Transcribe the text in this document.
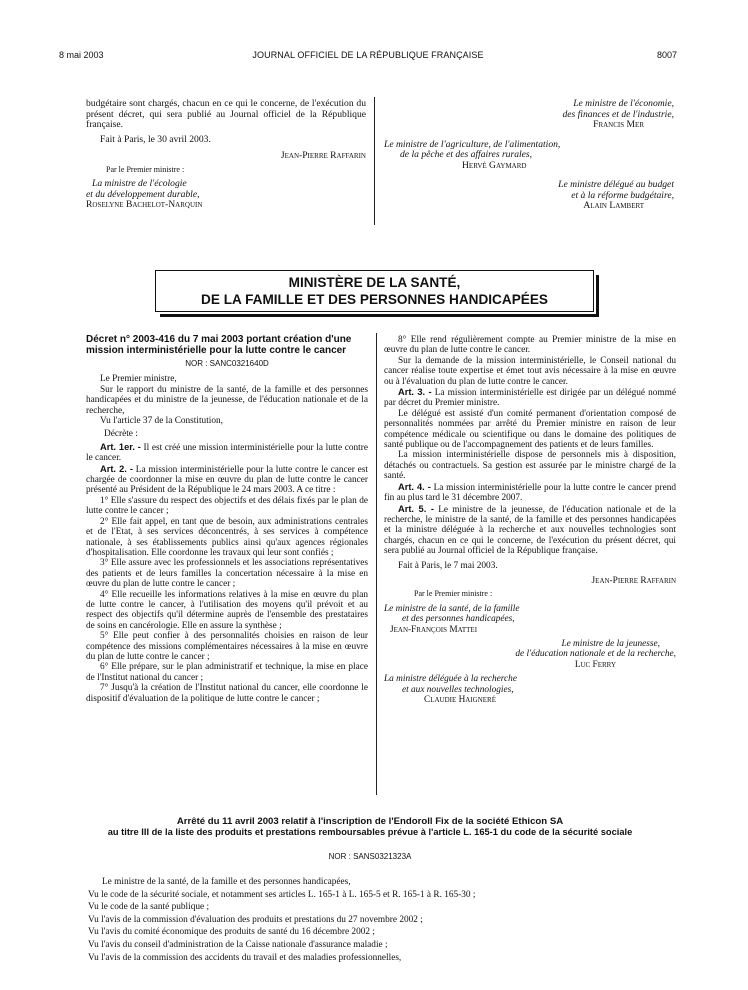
8 mai 2003	JOURNAL OFFICIEL DE LA RÉPUBLIQUE FRANÇAISE	8007

budgétaire sont chargés, chacun en ce qui le concerne, de l'exécution du présent décret, qui sera publié au Journal officiel de la République française.

Fait à Paris, le 30 avril 2003.

Jean-Pierre Raffarin

Par le Premier ministre :

La ministre de l'écologie

et du développement durable,

Roselyne Bachelot-Narquin

Le ministre de l'économie,

des finances et de l'industrie,

Francis Mer

Le ministre de l'agriculture, de l'alimentation,

de la pêche et des affaires rurales,

Hervé Gaymard

Le ministre délégué au budget

et à la réforme budgétaire,

Alain Lambert

MINISTÈRE DE LA SANTÉ,
DE LA FAMILLE ET DES PERSONNES HANDICAPÉES

Décret n° 2003-416 du 7 mai 2003 portant création d'une mission interministérielle pour la lutte contre le cancer

NOR : SANC0321640D

Le Premier ministre,

Sur le rapport du ministre de la santé, de la famille et des personnes handicapées et du ministre de la jeunesse, de l'éducation nationale et de la recherche,

Vu l'article 37 de la Constitution,

Décrète :

Art. 1er. - Il est créé une mission interministérielle pour la lutte contre le cancer.

Art. 2. - La mission interministérielle pour la lutte contre le cancer est chargée de coordonner la mise en œuvre du plan de lutte contre le cancer présenté au Président de la République le 24 mars 2003. A ce titre :

1° Elle s'assure du respect des objectifs et des délais fixés par le plan de lutte contre le cancer ;

2° Elle fait appel, en tant que de besoin, aux administrations centrales et de l'Etat, à ses services déconcentrés, à ses services à compétence nationale, à ses établissements publics ainsi qu'aux agences régionales d'hospitalisation. Elle coordonne les travaux qui leur sont confiés ;

3° Elle assure avec les professionnels et les associations représentatives des patients et de leurs familles la concertation nécessaire à la mise en œuvre du plan de lutte contre le cancer ;

4° Elle recueille les informations relatives à la mise en œuvre du plan de lutte contre le cancer, à l'utilisation des moyens qu'il prévoit et au respect des objectifs qu'il détermine auprès de l'ensemble des prestataires de soins en cancérologie. Elle en assure la synthèse ;

5° Elle peut confier à des personnalités choisies en raison de leur compétence des missions complémentaires nécessaires à la mise en œuvre du plan de lutte contre le cancer ;

6° Elle prépare, sur le plan administratif et technique, la mise en place de l'Institut national du cancer ;

7° Jusqu'à la création de l'Institut national du cancer, elle coordonne le dispositif d'évaluation de la politique de lutte contre le cancer ;

8° Elle rend régulièrement compte au Premier ministre de la mise en œuvre du plan de lutte contre le cancer.

Sur la demande de la mission interministérielle, le Conseil national du cancer réalise toute expertise et émet tout avis nécessaire à la mise en œuvre ou à l'évaluation du plan de lutte contre le cancer.

Art. 3. - La mission interministérielle est dirigée par un délégué nommé par décret du Premier ministre.

Le délégué est assisté d'un comité permanent d'orientation composé de personnalités nommées par arrêté du Premier ministre en raison de leur compétence médicale ou scientifique ou dans le domaine des politiques de santé publique ou de l'accompagnement des patients et de leurs familles.

La mission interministérielle dispose de personnels mis à disposition, détachés ou contractuels. Sa gestion est assurée par le ministre chargé de la santé.

Art. 4. - La mission interministérielle pour la lutte contre le cancer prend fin au plus tard le 31 décembre 2007.

Art. 5. - Le ministre de la jeunesse, de l'éducation nationale et de la recherche, le ministre de la santé, de la famille et des personnes handicapées et la ministre déléguée à la recherche et aux nouvelles technologies sont chargés, chacun en ce qui le concerne, de l'exécution du présent décret, qui sera publié au Journal officiel de la République française.

Fait à Paris, le 7 mai 2003.

Jean-Pierre Raffarin

Par le Premier ministre :

Le ministre de la santé, de la famille

et des personnes handicapées,

Jean-François Mattei

Le ministre de la jeunesse,

de l'éducation nationale et de la recherche,

Luc Ferry

La ministre déléguée à la recherche

et aux nouvelles technologies,

Claudie Haigneré

Arrêté du 11 avril 2003 relatif à l'inscription de l'Endoroll Fix de la société Ethicon SA

au titre III de la liste des produits et prestations remboursables prévue à l'article L. 165-1 du code de la sécurité sociale

NOR : SANS0321323A

Le ministre de la santé, de la famille et des personnes handicapées,

Vu le code de la sécurité sociale, et notamment ses articles L. 165-1 à L. 165-5 et R. 165-1 à R. 165-30 ;

Vu le code de la santé publique ;

Vu l'avis de la commission d'évaluation des produits et prestations du 27 novembre 2002 ;

Vu l'avis du comité économique des produits de santé du 16 décembre 2002 ;

Vu l'avis du conseil d'administration de la Caisse nationale d'assurance maladie ;

Vu l'avis de la commission des accidents du travail et des maladies professionnelles,
